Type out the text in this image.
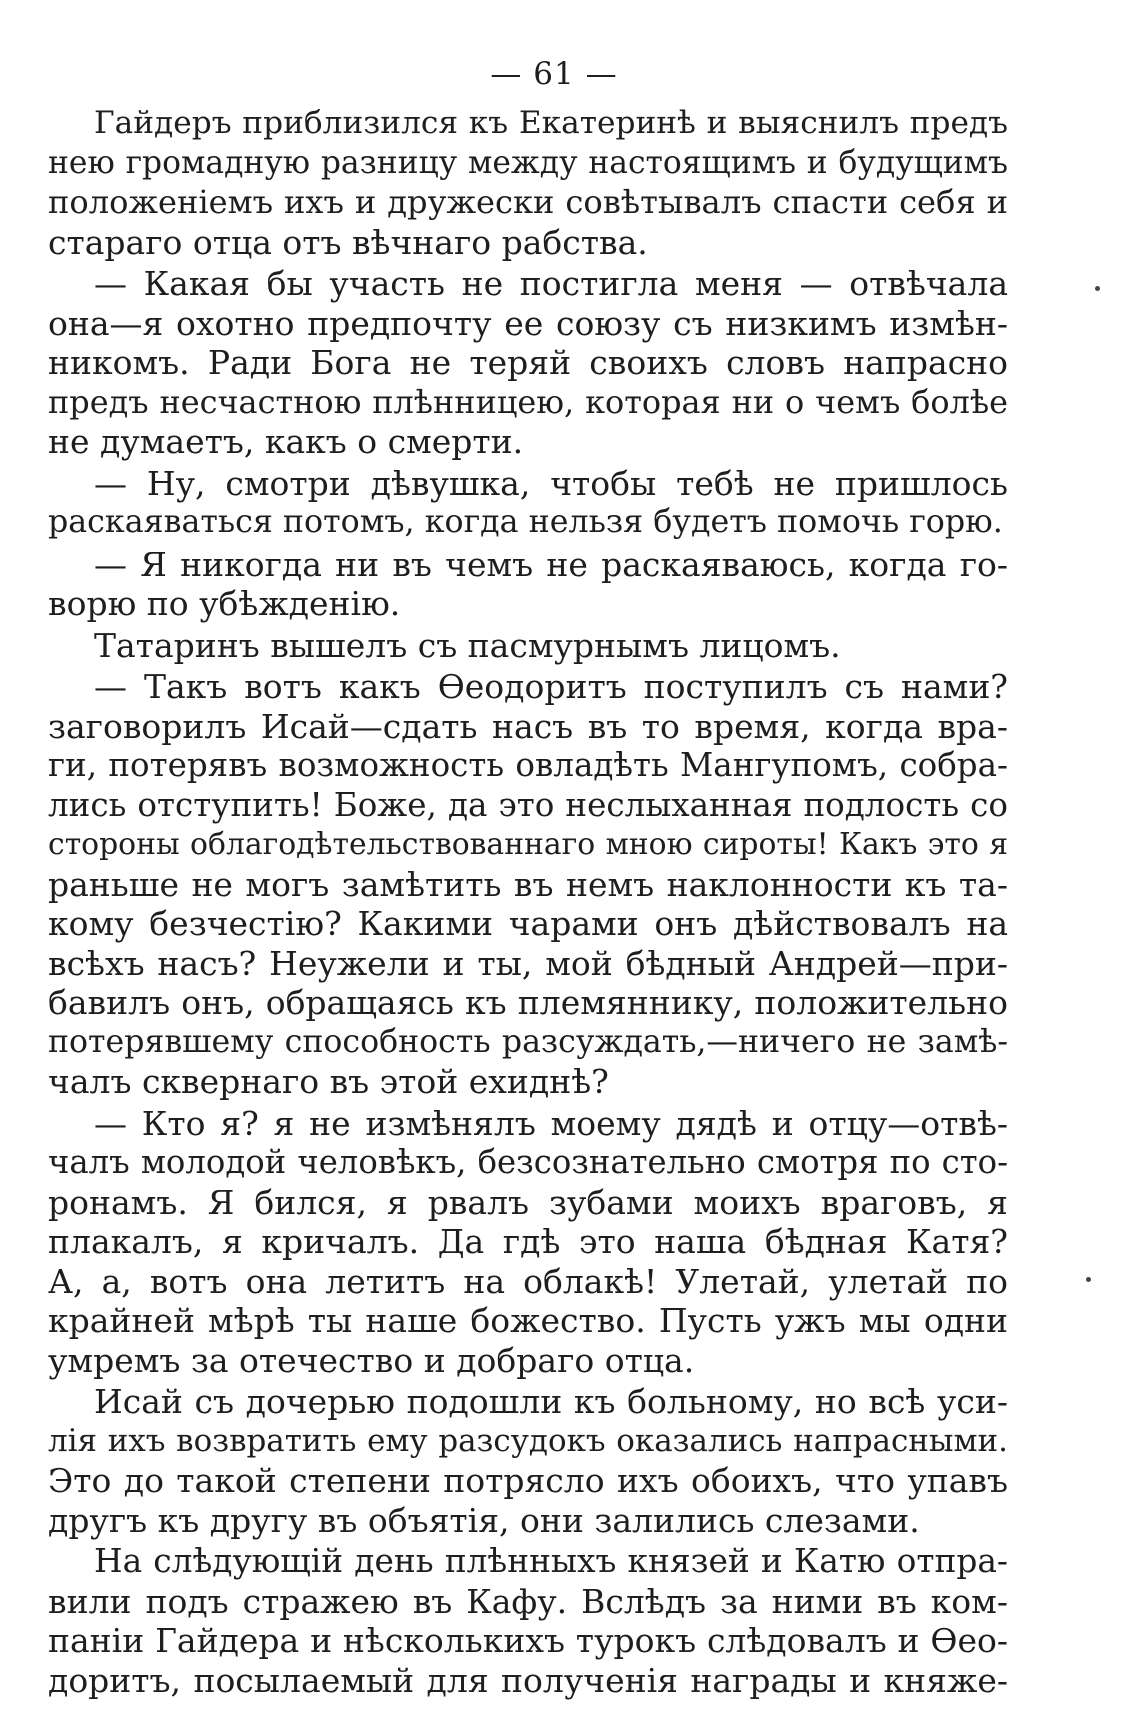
— 61 —

Гайдеръ приблизился къ Екатеринѣ и выяснилъ предъ
нею громадную разницу между настоящимъ и будущимъ
положенiемъ ихъ и дружески совѣтывалъ спасти себя и
стараго отца отъ вѣчнаго рабства.

— Какая бы участь не постигла меня — отвѣчала
она—я охотно предпочту ее союзу съ низкимъ измѣн-
никомъ. Ради Бога не теряй своихъ словъ напрасно
предъ несчастною плѣнницею, которая ни о чемъ болѣе
не думаетъ, какъ о смерти.

— Ну, смотри дѣвушка, чтобы тебѣ не пришлось
раскаяваться потомъ, когда нельзя будетъ помочь горю.

— Я никогда ни въ чемъ не раскаяваюсь, когда го-
ворю по убѣжденiю.

Татаринъ вышелъ съ пасмурнымъ лицомъ.

— Такъ вотъ какъ Ѳеодоритъ поступилъ съ нами?
заговорилъ Исай—сдать насъ въ то время, когда вра-
ги, потерявъ возможность овладѣть Мангупомъ, собра-
лись отступить! Боже, да это неслыханная подлость со
стороны облагодѣтельствованнаго мною сироты! Какъ это я
раньше не могъ замѣтить въ немъ наклонности къ та-
кому безчестiю? Какими чарами онъ дѣйствовалъ на
всѣхъ насъ? Неужели и ты, мой бѣдный Андрей—при-
бавилъ онъ, обращаясь къ племяннику, положительно
потерявшему способность разсуждать,—ничего не замѣ-
чалъ сквернаго въ этой ехиднѣ?

— Кто я? я не измѣнялъ моему дядѣ и отцу—отвѣ-
чалъ молодой человѣкъ, безсознательно смотря по сто-
ронамъ. Я бился, я рвалъ зубами моихъ враговъ, я
плакалъ, я кричалъ. Да гдѣ это наша бѣдная Катя?
А, а, вотъ она летитъ на облакѣ! Улетай, улетай по
крайней мѣрѣ ты наше божество. Пусть ужъ мы одни
умремъ за отечество и добраго отца.

Исай съ дочерью подошли къ больному, но всѣ уси-
лiя ихъ возвратить ему разсудокъ оказались напрасными.
Это до такой степени потрясло ихъ обоихъ, что упавъ
другъ къ другу въ объятiя, они залились слезами.

На слѣдующiй день плѣнныхъ князей и Катю отпра-
вили подъ стражею въ Кафу. Вслѣдъ за ними въ ком-
панiи Гайдера и нѣсколькихъ турокъ слѣдовалъ и Ѳео-
доритъ, посылаемый для полученiя награды и княже-
